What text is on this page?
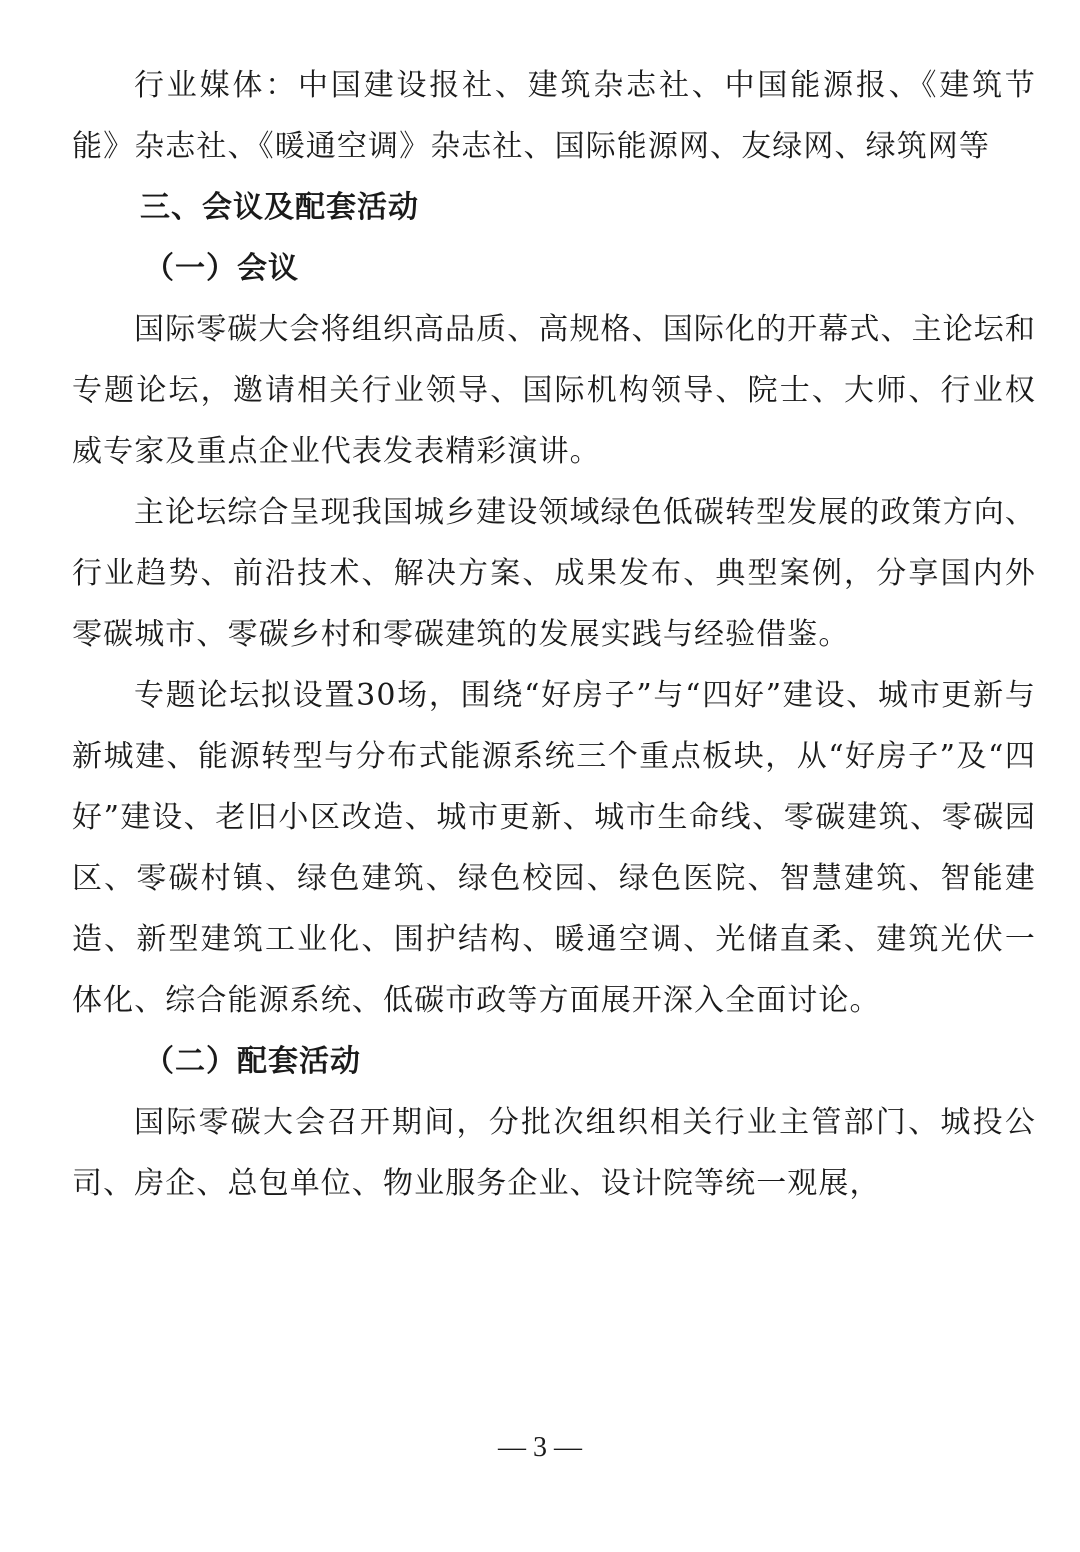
行业媒体：中国建设报社、建筑杂志社、中国能源报、《建筑节能》杂志社、《暖通空调》杂志社、国际能源网、友绿网、绿筑网等

三、会议及配套活动

（一）会议

国际零碳大会将组织高品质、高规格、国际化的开幕式、主论坛和专题论坛，邀请相关行业领导、国际机构领导、院士、大师、行业权威专家及重点企业代表发表精彩演讲。

主论坛综合呈现我国城乡建设领域绿色低碳转型发展的政策方向、行业趋势、前沿技术、解决方案、成果发布、典型案例，分享国内外零碳城市、零碳乡村和零碳建筑的发展实践与经验借鉴。

专题论坛拟设置30场，围绕“好房子”与“四好”建设、城市更新与新城建、能源转型与分布式能源系统三个重点板块，从“好房子”及“四好”建设、老旧小区改造、城市更新、城市生命线、零碳建筑、零碳园区、零碳村镇、绿色建筑、绿色校园、绿色医院、智慧建筑、智能建造、新型建筑工业化、围护结构、暖通空调、光储直柔、建筑光伏一体化、综合能源系统、低碳市政等方面展开深入全面讨论。

（二）配套活动

国际零碳大会召开期间，分批次组织相关行业主管部门、城投公司、房企、总包单位、物业服务企业、设计院等统一观展，

— 3 —
